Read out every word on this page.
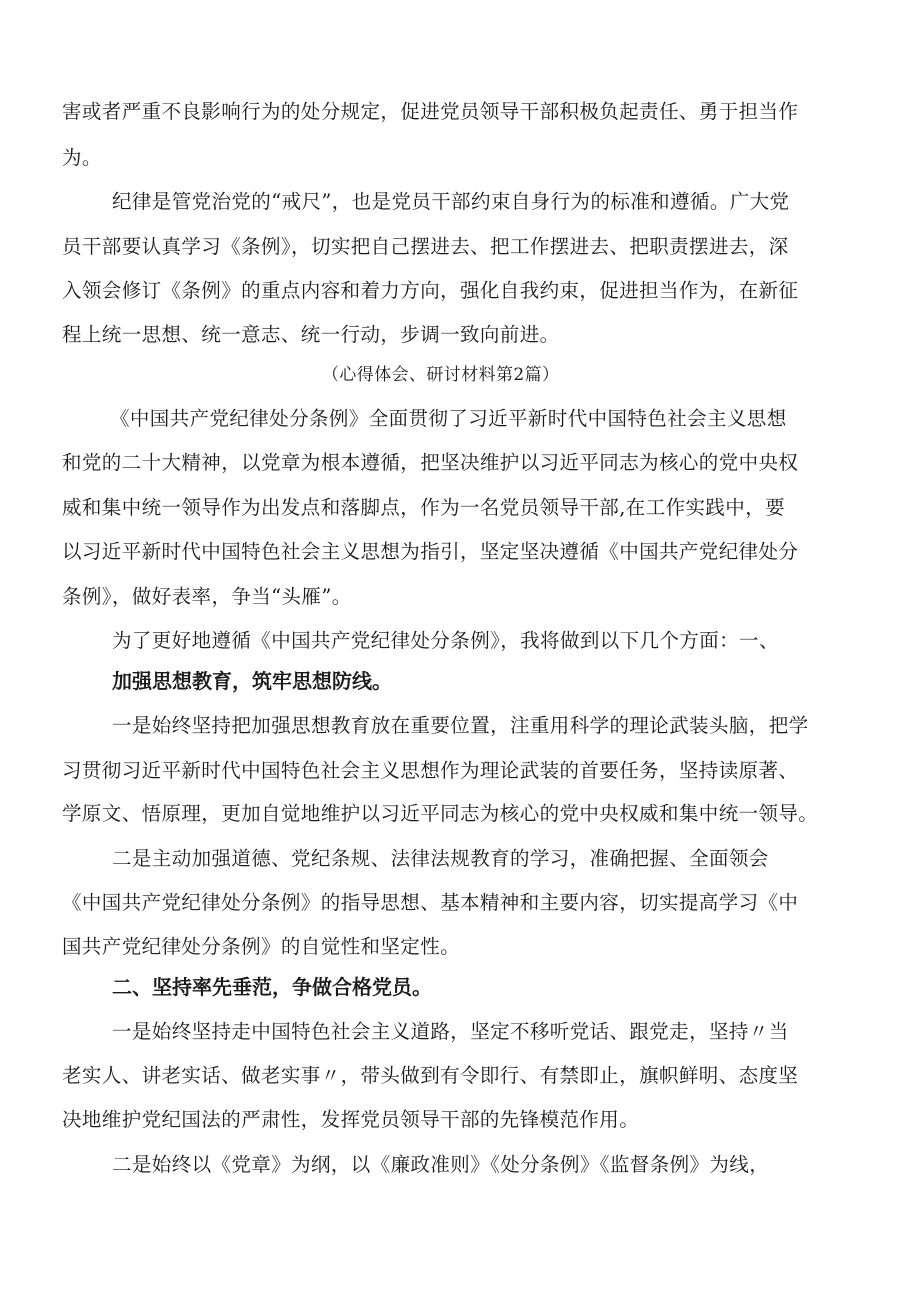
害或者严重不良影响行为的处分规定，促进党员领导干部积极负起责任、勇于担当作
为。
纪律是管党治党的“戒尺”，也是党员干部约束自身行为的标准和遵循。广大党
员干部要认真学习《条例》，切实把自己摆进去、把工作摆进去、把职责摆进去，深
入领会修订《条例》的重点内容和着力方向，强化自我约束，促进担当作为，在新征
程上统一思想、统一意志、统一行动，步调一致向前进。
（心得体会、研讨材料第2篇）
《中国共产党纪律处分条例》全面贯彻了习近平新时代中国特色社会主义思想
和党的二十大精神，以党章为根本遵循，把坚决维护以习近平同志为核心的党中央权
威和集中统一领导作为出发点和落脚点，作为一名党员领导干部,在工作实践中，要
以习近平新时代中国特色社会主义思想为指引，坚定坚决遵循《中国共产党纪律处分
条例》，做好表率，争当“头雁”。
为了更好地遵循《中国共产党纪律处分条例》，我将做到以下几个方面：一、
加强思想教育，筑牢思想防线。
一是始终坚持把加强思想教育放在重要位置，注重用科学的理论武装头脑，把学
习贯彻习近平新时代中国特色社会主义思想作为理论武装的首要任务，坚持读原著、
学原文、悟原理，更加自觉地维护以习近平同志为核心的党中央权威和集中统一领导。
二是主动加强道德、党纪条规、法律法规教育的学习，准确把握、全面领会
《中国共产党纪律处分条例》的指导思想、基本精神和主要内容，切实提高学习《中
国共产党纪律处分条例》的自觉性和坚定性。
二、坚持率先垂范，争做合格党员。
一是始终坚持走中国特色社会主义道路，坚定不移听党话、跟党走，坚持〃当
老实人、讲老实话、做老实事〃，带头做到有令即行、有禁即止，旗帜鲜明、态度坚
决地维护党纪国法的严肃性，发挥党员领导干部的先锋模范作用。
二是始终以《党章》为纲，以《廉政准则》《处分条例》《监督条例》为线，
